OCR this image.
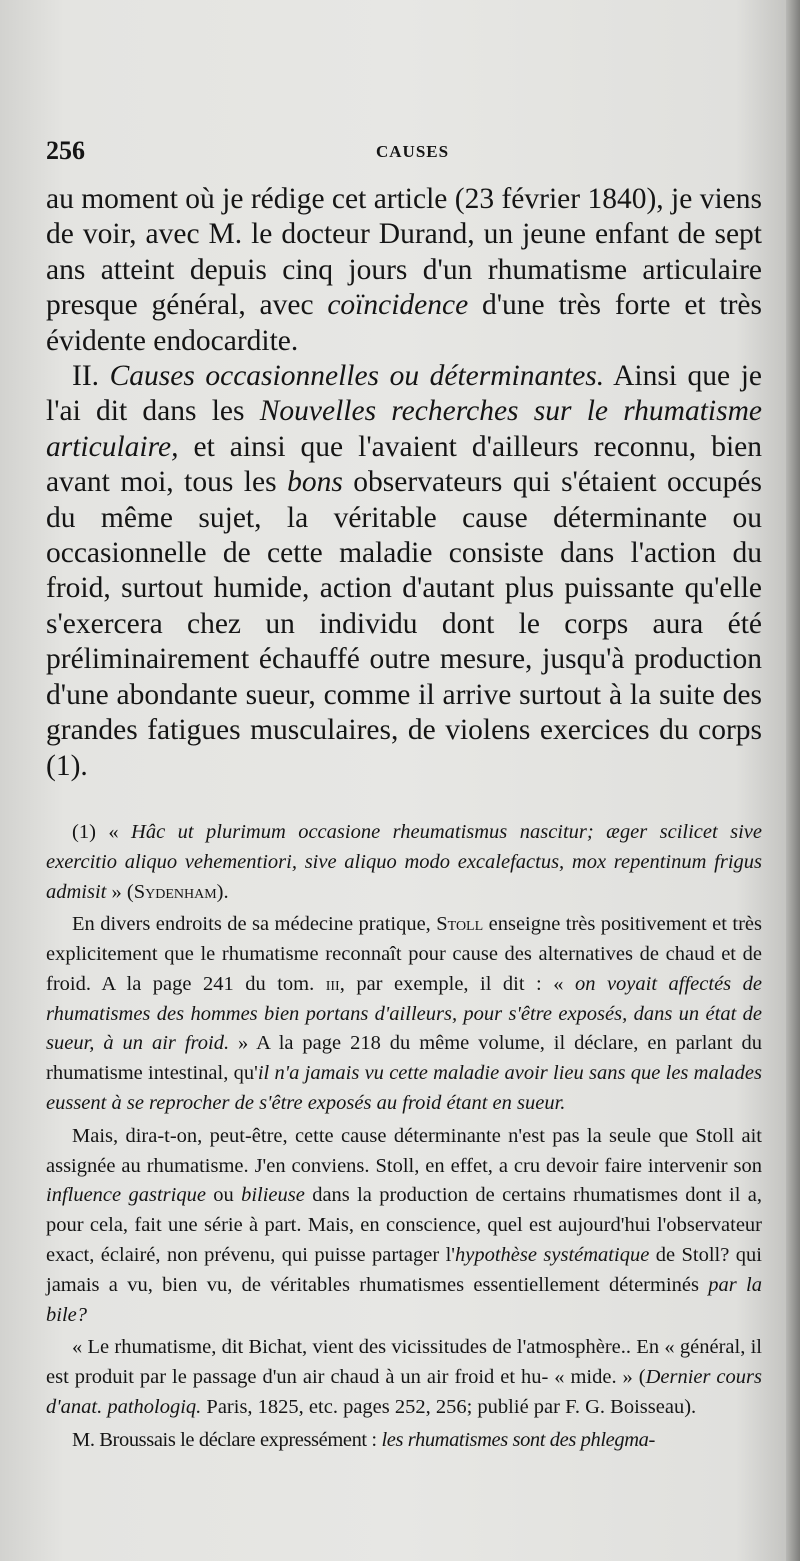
256	CAUSES

au moment où je rédige cet article (23 février 1840), je viens de voir, avec M. le docteur Durand, un jeune enfant de sept ans atteint depuis cinq jours d'un rhumatisme articulaire presque général, avec coïncidence d'une très forte et très évidente endocardite.

II. Causes occasionnelles ou déterminantes. Ainsi que je l'ai dit dans les Nouvelles recherches sur le rhumatisme articulaire, et ainsi que l'avaient d'ailleurs reconnu, bien avant moi, tous les bons observateurs qui s'étaient occupés du même sujet, la véritable cause déterminante ou occasionnelle de cette maladie consiste dans l'action du froid, surtout humide, action d'autant plus puissante qu'elle s'exercera chez un individu dont le corps aura été préliminairement échauffé outre mesure, jusqu'à production d'une abondante sueur, comme il arrive surtout à la suite des grandes fatigues musculaires, de violens exercices du corps (1).

(1) « Hâc ut plurimum occasione rheumatismus nascitur; æger scilicet sive exercitio aliquo vehementiori, sive aliquo modo excalefactus, mox repentinum frigus admisit » (Sydenham).

En divers endroits de sa médecine pratique, Stoll enseigne très positivement et très explicitement que le rhumatisme reconnaît pour cause des alternatives de chaud et de froid. A la page 241 du tom. iii, par exemple, il dit : « on voyait affectés de rhumatismes des hommes bien portans d'ailleurs, pour s'être exposés, dans un état de sueur, à un air froid. » A la page 218 du même volume, il déclare, en parlant du rhumatisme intestinal, qu'il n'a jamais vu cette maladie avoir lieu sans que les malades eussent à se reprocher de s'être exposés au froid étant en sueur.

Mais, dira-t-on, peut-être, cette cause déterminante n'est pas la seule que Stoll ait assignée au rhumatisme. J'en conviens. Stoll, en effet, a cru devoir faire intervenir son influence gastrique ou bilieuse dans la production de certains rhumatismes dont il a, pour cela, fait une série à part. Mais, en conscience, quel est aujourd'hui l'observateur exact, éclairé, non prévenu, qui puisse partager l'hypothèse systématique de Stoll? qui jamais a vu, bien vu, de véritables rhumatismes essentiellement déterminés par la bile?

« Le rhumatisme, dit Bichat, vient des vicissitudes de l'atmosphère.. En « général, il est produit par le passage d'un air chaud à un air froid et hu- « mide. » (Dernier cours d'anat. pathologiq. Paris, 1825, etc. pages 252, 256; publié par F. G. Boisseau).

M. Broussais le déclare expressément : les rhumatismes sont des phlegma-
